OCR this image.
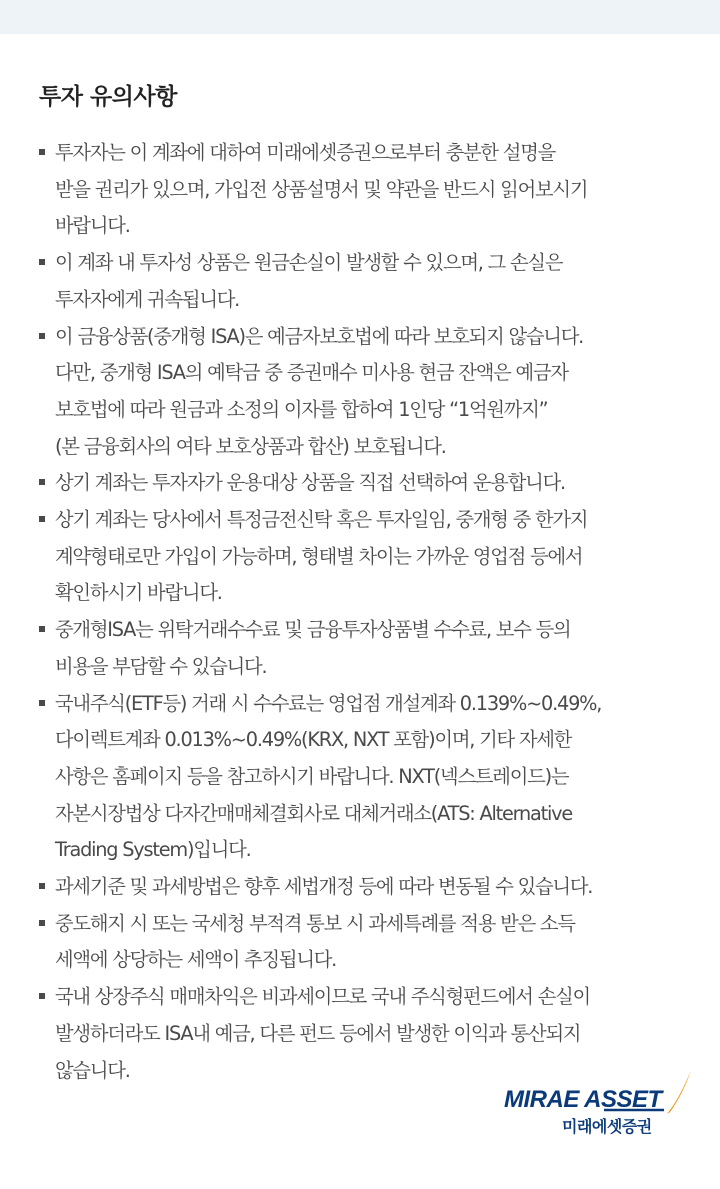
투자 유의사항
투자자는 이 계좌에 대하여 미래에셋증권으로부터 충분한 설명을
받을 권리가 있으며, 가입전 상품설명서 및 약관을 반드시 읽어보시기
바랍니다.
이 계좌 내 투자성 상품은 원금손실이 발생할 수 있으며, 그 손실은
투자자에게 귀속됩니다.
이 금융상품(중개형 ISA)은 예금자보호법에 따라 보호되지 않습니다.
다만, 중개형 ISA의 예탁금 중 증권매수 미사용 현금 잔액은 예금자
보호법에 따라 원금과 소정의 이자를 합하여 1인당 “1억원까지”
(본 금융회사의 여타 보호상품과 합산) 보호됩니다.
상기 계좌는 투자자가 운용대상 상품을 직접 선택하여 운용합니다.
상기 계좌는 당사에서 특정금전신탁 혹은 투자일임, 중개형 중 한가지
계약형태로만 가입이 가능하며, 형태별 차이는 가까운 영업점 등에서
확인하시기 바랍니다.
중개형ISA는 위탁거래수수료 및 금융투자상품별 수수료, 보수 등의
비용을 부담할 수 있습니다.
국내주식(ETF등) 거래 시 수수료는 영업점 개설계좌 0.139%~0.49%,
다이렉트계좌 0.013%~0.49%(KRX, NXT 포함)이며, 기타 자세한
사항은 홈페이지 등을 참고하시기 바랍니다. NXT(넥스트레이드)는
자본시장법상 다자간매매체결회사로 대체거래소(ATS: Alternative
Trading System)입니다.
과세기준 및 과세방법은 향후 세법개정 등에 따라 변동될 수 있습니다.
중도해지 시 또는 국세청 부적격 통보 시 과세특례를 적용 받은 소득
세액에 상당하는 세액이 추징됩니다.
국내 상장주식 매매차익은 비과세이므로 국내 주식형펀드에서 손실이
발생하더라도 ISA내 예금, 다른 펀드 등에서 발생한 이익과 통산되지
않습니다.
MIRAE ASSET
미래에셋증권
